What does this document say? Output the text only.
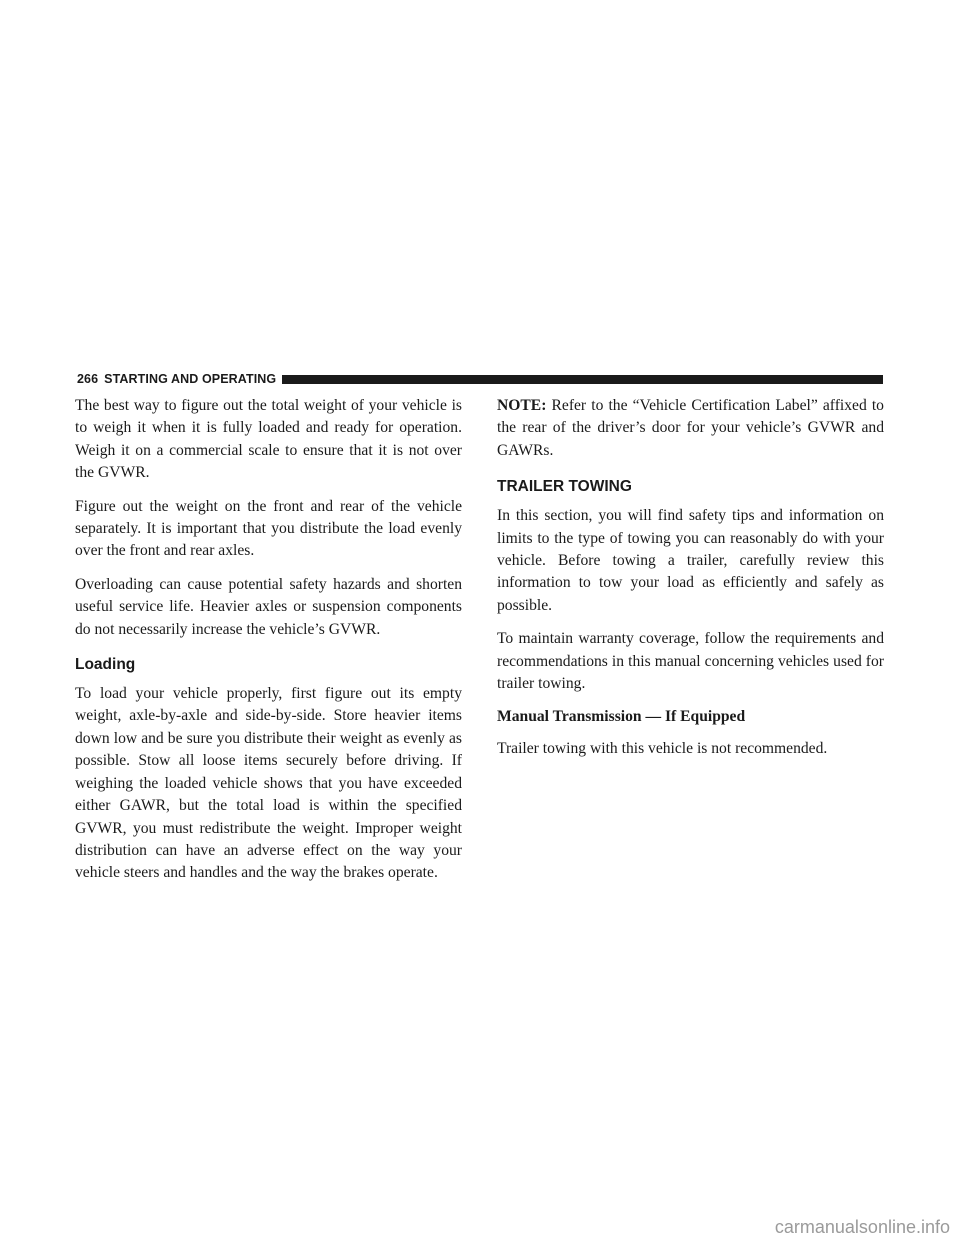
266 STARTING AND OPERATING

The best way to figure out the total weight of your vehicle is to weigh it when it is fully loaded and ready for operation. Weigh it on a commercial scale to ensure that it is not over the GVWR.

Figure out the weight on the front and rear of the vehicle separately. It is important that you distribute the load evenly over the front and rear axles.

Overloading can cause potential safety hazards and shorten useful service life. Heavier axles or suspension components do not necessarily increase the vehicle’s GVWR.

Loading

To load your vehicle properly, first figure out its empty weight, axle-by-axle and side-by-side. Store heavier items down low and be sure you distribute their weight as evenly as possible. Stow all loose items securely before driving. If weighing the loaded vehicle shows that you have exceeded either GAWR, but the total load is within the specified GVWR, you must redistribute the weight. Improper weight distribution can have an adverse effect on the way your vehicle steers and handles and the way the brakes operate.

NOTE: Refer to the “Vehicle Certification Label” affixed to the rear of the driver’s door for your vehicle’s GVWR and GAWRs.

TRAILER TOWING

In this section, you will find safety tips and information on limits to the type of towing you can reasonably do with your vehicle. Before towing a trailer, carefully review this information to tow your load as efficiently and safely as possible.

To maintain warranty coverage, follow the requirements and recommendations in this manual concerning vehicles used for trailer towing.

Manual Transmission — If Equipped

Trailer towing with this vehicle is not recommended.

carmanualsonline.info
